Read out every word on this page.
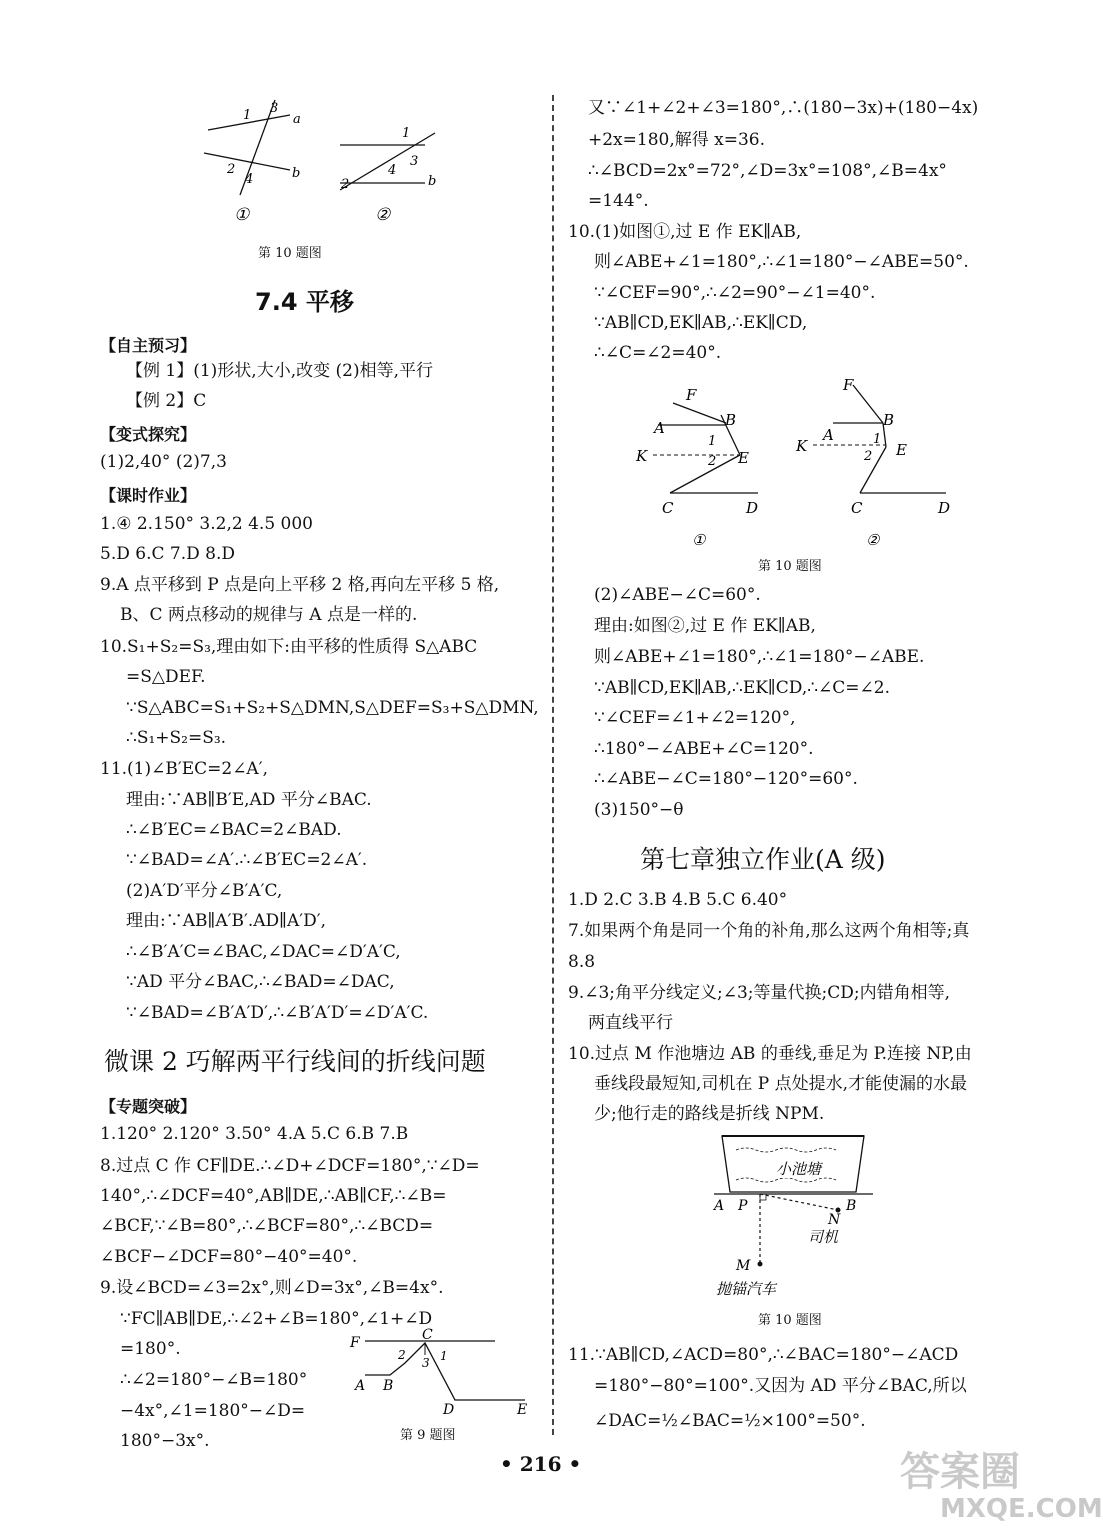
1 3
a
2
4	b
1
3
4
2	b
①	②
第 10 题图
7.4 平移
【自主预习】
【例 1】(1)形状,大小,改变 (2)相等,平行
【例 2】C
【变式探究】
(1)2,40° (2)7,3
【课时作业】
1.④ 2.150° 3.2,2 4.5 000
5.D 6.C 7.D 8.D
9.A 点平移到 P 点是向上平移 2 格,再向左平移 5 格,
B、C 两点移动的规律与 A 点是一样的.
10.S₁+S₂=S₃,理由如下:由平移的性质得 S△ABC
=S△DEF.
∵S△ABC=S₁+S₂+S△DMN,S△DEF=S₃+S△DMN,
∴S₁+S₂=S₃.
11.(1)∠B′EC=2∠A′,
理由:∵AB∥B′E,AD 平分∠BAC.
∴∠B′EC=∠BAC=2∠BAD.
∵∠BAD=∠A′.∴∠B′EC=2∠A′.
(2)A′D′平分∠B′A′C,
理由:∵AB∥A′B′.AD∥A′D′,
∴∠B′A′C=∠BAC,∠DAC=∠D′A′C,
∵AD 平分∠BAC,∴∠BAD=∠DAC,
∵∠BAD=∠B′A′D′,∴∠B′A′D′=∠D′A′C.
微课 2 巧解两平行线间的折线问题
【专题突破】
1.120° 2.120° 3.50° 4.A 5.C 6.B 7.B
8.过点 C 作 CF∥DE.∴∠D+∠DCF=180°,∵∠D=
140°,∴∠DCF=40°,AB∥DE,∴AB∥CF,∴∠B=
∠BCF,∵∠B=80°,∴∠BCF=80°,∴∠BCD=
∠BCF−∠DCF=80°−40°=40°.
9.设∠BCD=∠3=2x°,则∠D=3x°,∠B=4x°.
∵FC∥AB∥DE,∴∠2+∠B=180°,∠1+∠D
=180°.
∴∠2=180°−∠B=180°
−4x°,∠1=180°−∠D=
180°−3x°.
F	C
2
3 1
A B
D	E
第 9 题图
又∵∠1+∠2+∠3=180°,∴(180−3x)+(180−4x)
+2x=180,解得 x=36.
∴∠BCD=2x°=72°,∠D=3x°=108°,∠B=4x°
=144°.
10.(1)如图①,过 E 作 EK∥AB,
则∠ABE+∠1=180°,∴∠1=180°−∠ABE=50°.
∵∠CEF=90°,∴∠2=90°−∠1=40°.
∵AB∥CD,EK∥AB,∴EK∥CD,
∴∠C=∠2=40°.
F
B
A
1
K	2 E
C	D
①
F
B
A	1
K
2 E
C	D
②
第 10 题图
(2)∠ABE−∠C=60°.
理由:如图②,过 E 作 EK∥AB,
则∠ABE+∠1=180°,∴∠1=180°−∠ABE.
∵AB∥CD,EK∥AB,∴EK∥CD,∴∠C=∠2.
∵∠CEF=∠1+∠2=120°,
∴180°−∠ABE+∠C=120°.
∴∠ABE−∠C=180°−120°=60°.
(3)150°−θ
第七章独立作业(A 级)
1.D 2.C 3.B 4.B 5.C 6.40°
7.如果两个角是同一个角的补角,那么这两个角相等;真
8.8
9.∠3;角平分线定义;∠3;等量代换;CD;内错角相等,
两直线平行
10.过点 M 作池塘边 AB 的垂线,垂足为 P.连接 NP,由
垂线段最短知,司机在 P 点处提水,才能使漏的水最
少;他行走的路线是折线 NPM.
小池塘
A P	B
N
M
司机
抛锚汽车
第 10 题图
11.∵AB∥CD,∠ACD=80°,∴∠BAC=180°−∠ACD
=180°−80°=100°.又因为 AD 平分∠BAC,所以
∠DAC=½∠BAC=½×100°=50°.
• 216 •	答案圈
MXQE.COM
